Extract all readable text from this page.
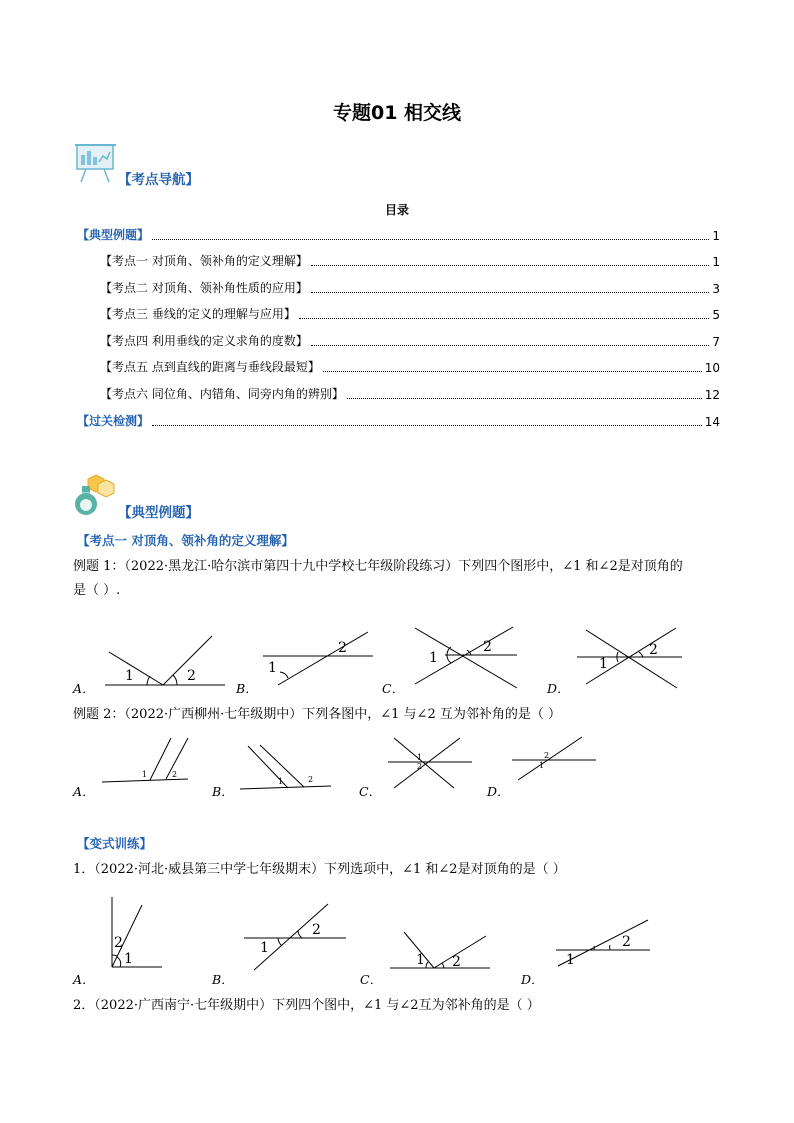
专题01 相交线
【考点导航】
目录
【典型例题】	1
【考点一 对顶角、领补角的定义理解】	1
【考点二 对顶角、领补角性质的应用】	3
【考点三 垂线的定义的理解与应用】	5
【考点四 利用垂线的定义求角的度数】	7
【考点五 点到直线的距离与垂线段最短】	10
【考点六 同位角、内错角、同旁内角的辨别】	12
【过关检测】	14
【典型例题】
【考点一 对顶角、领补角的定义理解】
例题 1：（2022·黑龙江·哈尔滨市第四十九中学校七年级阶段练习）下列四个图形中，∠1 和∠2是对顶角的
是（ ）.
A．
1	2
B．
1
2
C．
1
2
D．
1
2
例题 2：（2022·广西柳州·七年级期中）下列各图中，∠1 与∠2 互为邻补角的是（ ）
A．
1	2
B．
1	2
C．
1
2
D．
2
1
【变式训练】
1．（2022·河北·威县第三中学七年级期末）下列选项中，∠1 和∠2是对顶角的是（ ）
A．
2
1
B．
1
2
C．
1 2
D．
1
2
2．（2022·广西南宁·七年级期中）下列四个图中，∠1 与∠2互为邻补角的是（ ）
